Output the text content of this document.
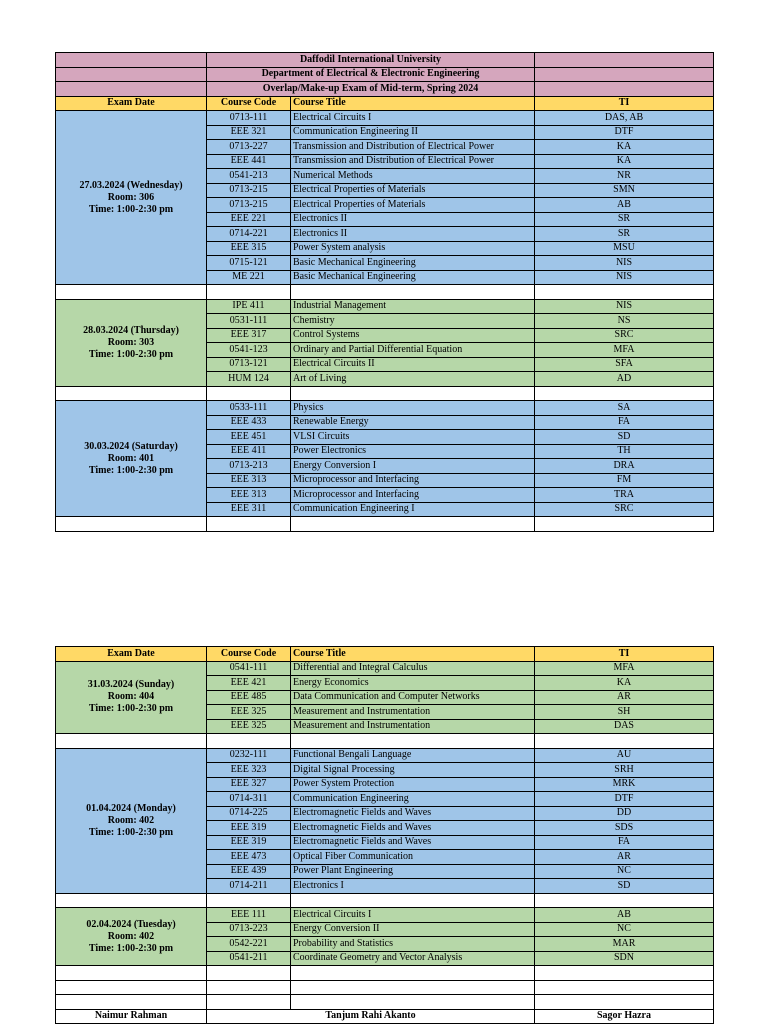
	Daffodil International University		
	Department of Electrical & Electronic Engineering		
	Overlap/Make-up Exam of Mid-term, Spring 2024		
Exam Date	Course Code	Course Title	TI

27.03.2024 (Wednesday)
Room: 306
Time: 1:00-2:30 pm	0713-111	Electrical Circuits I	DAS, AB
	EEE 321	Communication Engineering II	DTF
	0713-227	Transmission and Distribution of Electrical Power	KA
	EEE 441	Transmission and Distribution of Electrical Power	KA
	0541-213	Numerical Methods	NR
	0713-215	Electrical Properties of Materials	SMN
	0713-215	Electrical Properties of Materials	AB
	EEE 221	Electronics II	SR
	0714-221	Electronics II	SR
	EEE 315	Power System analysis	MSU
	0715-121	Basic Mechanical Engineering	NIS
	ME 221	Basic Mechanical Engineering	NIS

28.03.2024 (Thursday)
Room: 303
Time: 1:00-2:30 pm	IPE 411	Industrial Management	NIS
	0531-111	Chemistry	NS
	EEE 317	Control Systems	SRC
	0541-123	Ordinary and Partial Differential Equation	MFA
	0713-121	Electrical Circuits II	SFA
	HUM 124	Art of Living	AD

30.03.2024 (Saturday)
Room: 401
Time: 1:00-2:30 pm	0533-111	Physics	SA
	EEE 433	Renewable Energy	FA
	EEE 451	VLSI Circuits	SD
	EEE 411	Power Electronics	TH
	0713-213	Energy Conversion I	DRA
	EEE 313	Microprocessor and Interfacing	FM
	EEE 313	Microprocessor and Interfacing	TRA
	EEE 311	Communication Engineering I	SRC

Exam Date	Course Code	Course Title	TI

31.03.2024 (Sunday)
Room: 404
Time: 1:00-2:30 pm	0541-111	Differential and Integral Calculus	MFA
	EEE 421	Energy Economics	KA
	EEE 485	Data Communication and Computer Networks	AR
	EEE 325	Measurement and Instrumentation	SH
	EEE 325	Measurement and Instrumentation	DAS

01.04.2024 (Monday)
Room: 402
Time: 1:00-2:30 pm	0232-111	Functional Bengali Language	AU
	EEE 323	Digital Signal Processing	SRH
	EEE 327	Power System Protection	MRK
	0714-311	Communication Engineering	DTF
	0714-225	Electromagnetic Fields and Waves	DD
	EEE 319	Electromagnetic Fields and Waves	SDS
	EEE 319	Electromagnetic Fields and Waves	FA
	EEE 473	Optical Fiber Communication	AR
	EEE 439	Power Plant Engineering	NC
	0714-211	Electronics I	SD

02.04.2024 (Tuesday)
Room: 402
Time: 1:00-2:30 pm	EEE 111	Electrical Circuits I	AB
	0713-223	Energy Conversion II	NC
	0542-221	Probability and Statistics	MAR
	0541-211	Coordinate Geometry and Vector Analysis	SDN

Naimur Rahman	Tanjum Rahi Akanto		Sagor Hazra
